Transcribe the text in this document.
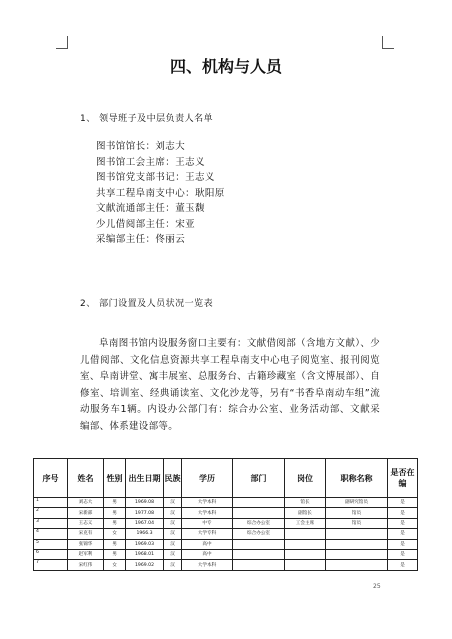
四、机构与人员
1、 领导班子及中层负责人名单
图书馆馆长：刘志大
图书馆工会主席：王志义
图书馆党支部书记：王志义
共享工程阜南支中心：耿阳原
文献流通部主任：董玉馥
少儿借阅部主任：宋亚
采编部主任：佟丽云
2、 部门设置及人员状况一览表
阜南图书馆内设服务窗口主要有：文献借阅部（含地方文献）、少儿借阅部、文化信息资源共享工程阜南支中心电子阅览室、报刊阅览室、阜南讲堂、寓丰展室、总服务台、古籍珍藏室（含文博展部）、自修室、培训室、经典诵读室、文化沙龙等，另有“书香阜南动车组”流动服务车1辆。内设办公部门有：综合办公室、业务活动部、文献采编部、体系建设部等。
序号	姓名	性别	出生日期	民族	学历	部门	岗位	职称名称	是否在编
1	刘志大	男	1969.08	汉	大学本科		馆长	副研究馆员	是
2	宋新部	男	1977.08	汉	大学本科		副馆长	馆员	是
3	王志义	男	1967.04	汉	中专	综合办公室	工会主席	馆员	是
4	宋克有	女	1966.3	汉	大学专科	综合办公室			是
5	张锦华	男	1969.03	汉	高中				是
6	赵军利	男	1968.01	汉	高中				是
7	宋红伟	女	1969.02	汉	大学本科				是
25
